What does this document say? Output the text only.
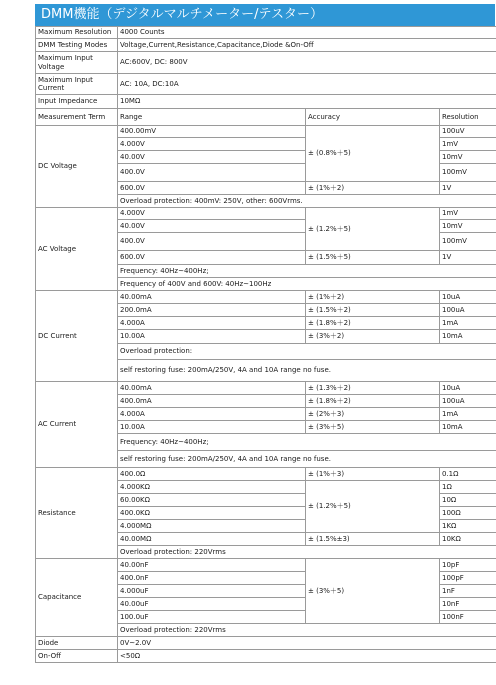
DMM機能（デジタルマルチメーター/テスター）
Maximum Resolution	4000 Counts		
DMM Testing Modes	Voltage,Current,Resistance,Capacitance,Diode &On-Off		
Maximum Input Voltage	AC:600V, DC: 800V		
Maximum Input Current	AC: 10A, DC:10A		
Input Impedance	10MΩ		
Measurement Term	Range	Accuracy	Resolution
DC Voltage	400.00mV	± (0.8%＋5)	100uV
	4.000V		1mV
	40.00V		10mV
	400.0V		100mV
	600.0V	± (1%＋2)	1V
	Overload protection: 400mV: 250V, other: 600Vrms.		
AC Voltage	4.000V	± (1.2%＋5)	1mV
	40.00V		10mV
	400.0V		100mV
	600.0V	± (1.5%＋5)	1V
	Frequency: 40Hz~400Hz;		
	Frequency of 400V and 600V: 40Hz~100Hz		
DC Current	40.00mA	± (1%＋2)	10uA
	200.0mA	± (1.5%＋2)	100uA
	4.000A	± (1.8%＋2)	1mA
	10.00A	± (3%＋2)	10mA
	Overload protection:		
	self restoring fuse: 200mA/250V, 4A and 10A range no fuse.		
AC Current	40.00mA	± (1.3%＋2)	10uA
	400.0mA	± (1.8%＋2)	100uA
	4.000A	± (2%＋3)	1mA
	10.00A	± (3%＋5)	10mA
	Frequency: 40Hz~400Hz;		
	self restoring fuse: 200mA/250V, 4A and 10A range no fuse.		
Resistance	400.0Ω	± (1%＋3)	0.1Ω
	4.000KΩ	± (1.2%＋5)	1Ω
	60.00KΩ		10Ω
	400.0KΩ		100Ω
	4.000MΩ		1KΩ
	40.00MΩ	± (1.5%±3)	10KΩ
	Overload protection: 220Vrms		
Capacitance	40.00nF	± (3%＋5)	10pF
	400.0nF		100pF
	4.000uF		1nF
	40.00uF		10nF
	100.0uF		100nF
	Overload protection: 220Vrms		
Diode	0V~2.0V		
On-Off	<50Ω		
